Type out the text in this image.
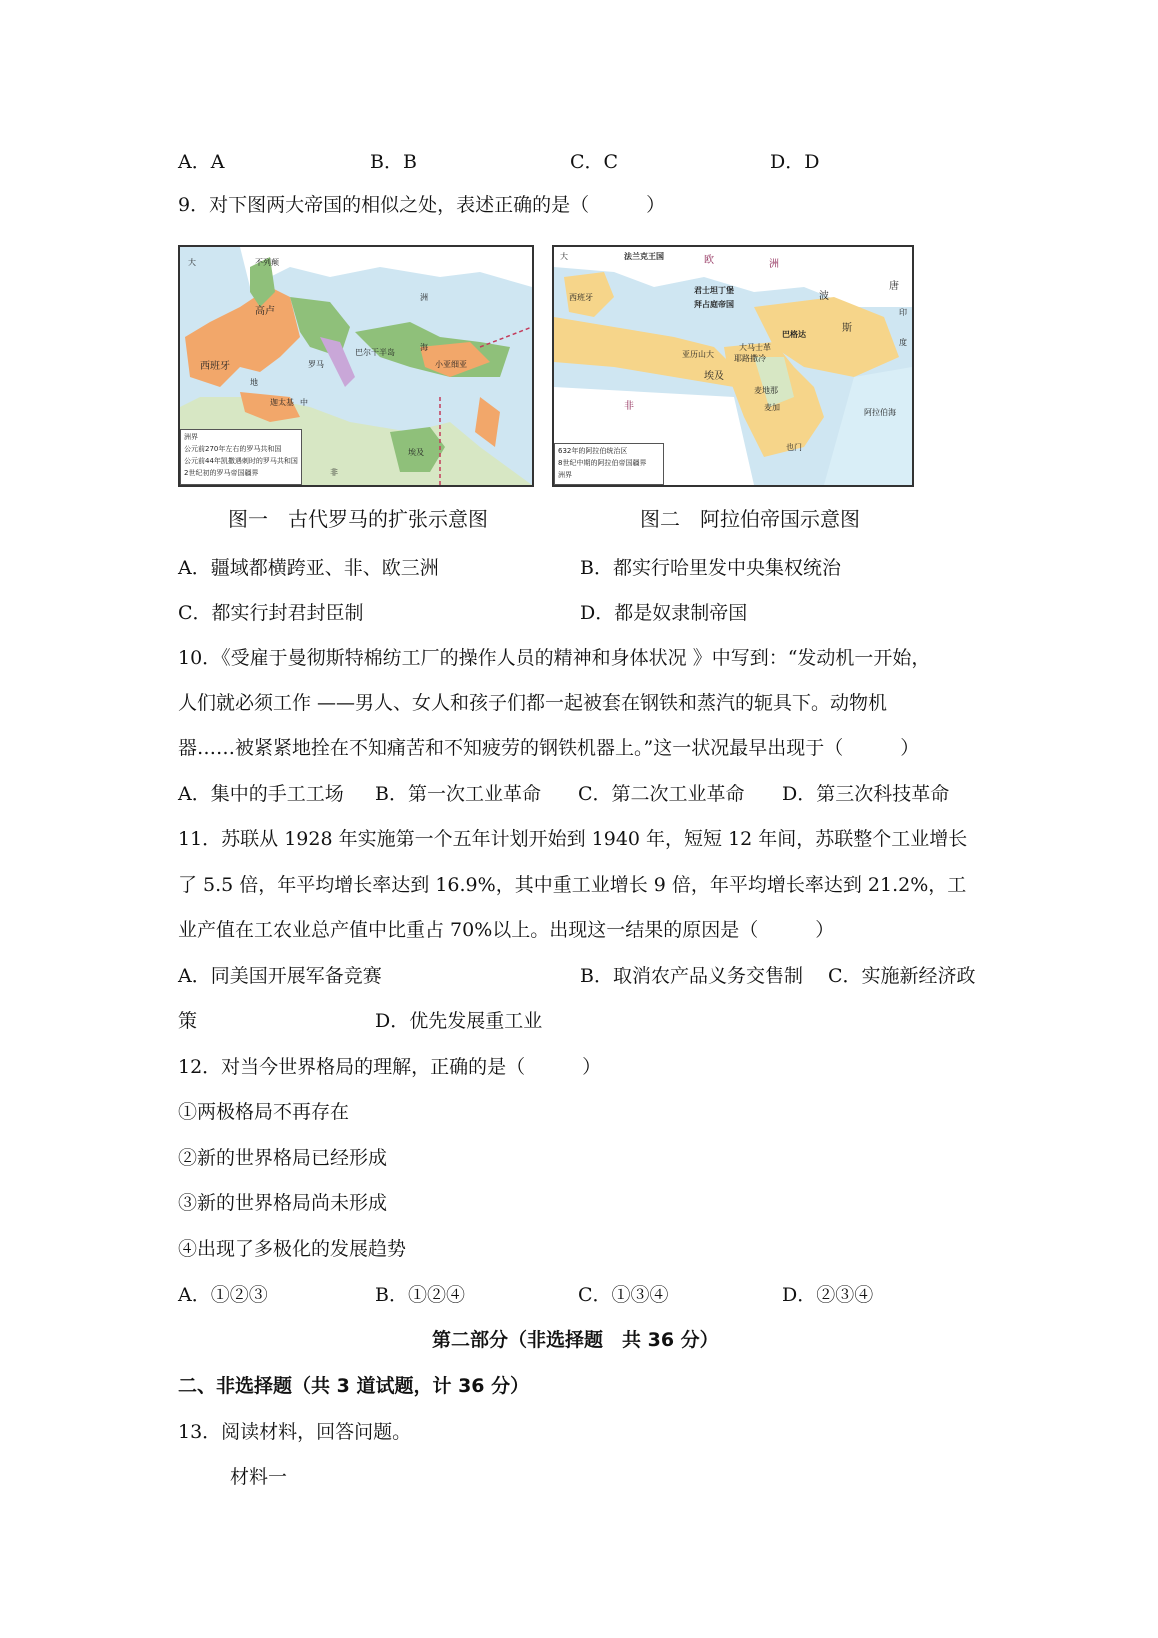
A．A	B．B	C．C	D．D
9．对下图两大帝国的相似之处，表述正确的是（　　　）
不列颠
高卢
西班牙
迦太基
罗马
巴尔干半岛
小亚细亚
埃及
大
洲
海
中
地
非
洲界
公元前270年左右的罗马共和国
公元前44年凯撒遇刺时的罗马共和国
2世纪初的罗马帝国疆界
法兰克王国	欧	洲
西班牙
君士坦丁堡
拜占庭帝国
巴格达
亚历山大
大马士革
耶路撒冷
埃及
波
斯
麦地那
麦加
也门
非
唐
印
度
阿拉伯海
大
632年的阿拉伯统治区
8世纪中期的阿拉伯帝国疆界
洲界
图一　古代罗马的扩张示意图	图二　阿拉伯帝国示意图
A．疆域都横跨亚、非、欧三洲	B．都实行哈里发中央集权统治
C．都实行封君封臣制	D．都是奴隶制帝国
10．《受雇于曼彻斯特棉纺工厂的操作人员的精神和身体状况 》中写到：“发动机一开始，
人们就必须工作 ——男人、女人和孩子们都一起被套在钢铁和蒸汽的轭具下。动物机
器……被紧紧地拴在不知痛苦和不知疲劳的钢铁机器上。”这一状况最早出现于（　　　）
A．集中的手工工场 B．第一次工业革命 C．第二次工业革命 D．第三次科技革命
11．苏联从 1928 年实施第一个五年计划开始到 1940 年，短短 12 年间，苏联整个工业增长
了 5.5 倍，年平均增长率达到 16.9%，其中重工业增长 9 倍，年平均增长率达到 21.2%，工
业产值在工农业总产值中比重占 70%以上。出现这一结果的原因是（　　　）
A．同美国开展军备竞赛	B．取消农产品义务交售制 C．实施新经济政
策	D．优先发展重工业
12．对当今世界格局的理解，正确的是（　　　）
①两极格局不再存在
②新的世界格局已经形成
③新的世界格局尚未形成
④出现了多极化的发展趋势
A．①②③	B．①②④	C．①③④	D．②③④
第二部分（非选择题　共 36 分）
二、非选择题（共 3 道试题，计 36 分）
13．阅读材料，回答问题。
材料一
